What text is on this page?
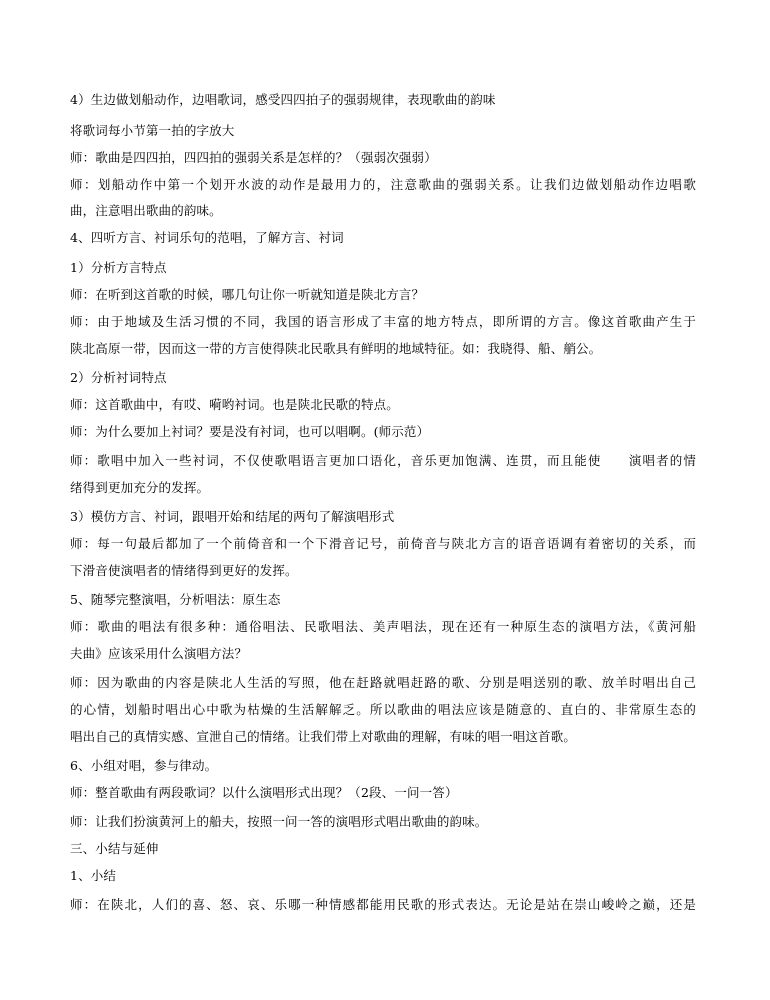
4）生边做划船动作，边唱歌词，感受四四拍子的强弱规律，表现歌曲的韵味
将歌词每小节第一拍的字放大
师：歌曲是四四拍，四四拍的强弱关系是怎样的？（强弱次强弱）
师：划船动作中第一个划开水波的动作是最用力的，注意歌曲的强弱关系。让我们边做划船动作边唱歌
曲，注意唱出歌曲的韵味。
4、四听方言、衬词乐句的范唱，了解方言、衬词
1）分析方言特点
师：在听到这首歌的时候，哪几句让你一听就知道是陕北方言？
师：由于地域及生活习惯的不同，我国的语言形成了丰富的地方特点，即所谓的方言。像这首歌曲产生于
陕北高原一带，因而这一带的方言使得陕北民歌具有鲜明的地域特征。如：我晓得、船、艄公。
2）分析衬词特点
师：这首歌曲中，有哎、嗬哟衬词。也是陕北民歌的特点。
师：为什么要加上衬词？要是没有衬词，也可以唱啊。(师示范）
师：歌唱中加入一些衬词，不仅使歌唱语言更加口语化，音乐更加饱满、连贯，而且能使　　演唱者的情
绪得到更加充分的发挥。
3）模仿方言、衬词，跟唱开始和结尾的两句了解演唱形式
师：每一句最后都加了一个前倚音和一个下滑音记号，前倚音与陕北方言的语音语调有着密切的关系，而
下滑音使演唱者的情绪得到更好的发挥。
5、随琴完整演唱，分析唱法：原生态
师：歌曲的唱法有很多种：通俗唱法、民歌唱法、美声唱法，现在还有一种原生态的演唱方法，《黄河船
夫曲》应该采用什么演唱方法？
师：因为歌曲的内容是陕北人生活的写照，他在赶路就唱赶路的歌、分别是唱送别的歌、放羊时唱出自己
的心情，划船时唱出心中歌为枯燥的生活解解乏。所以歌曲的唱法应该是随意的、直白的、非常原生态的
唱出自己的真情实感、宣泄自己的情绪。让我们带上对歌曲的理解，有味的唱一唱这首歌。
6、小组对唱，参与律动。
师：整首歌曲有两段歌词？以什么演唱形式出现？（2段、一问一答）
师：让我们扮演黄河上的船夫，按照一问一答的演唱形式唱出歌曲的韵味。
三、小结与延伸
1、小结
师：在陕北，人们的喜、怒、哀、乐哪一种情感都能用民歌的形式表达。无论是站在崇山峻岭之巅，还是
